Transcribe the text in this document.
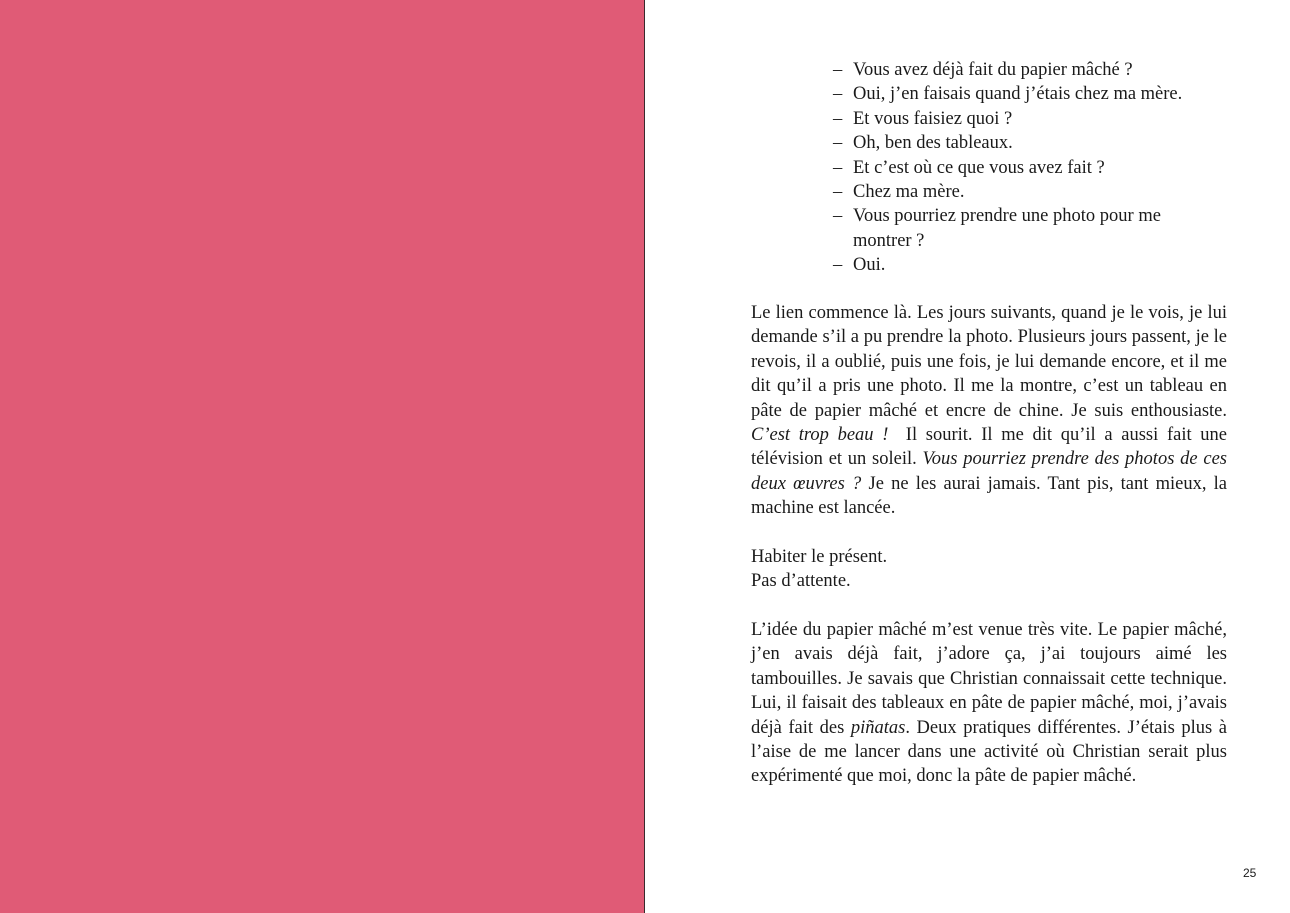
– Vous avez déjà fait du papier mâché ?
– Oui, j’en faisais quand j’étais chez ma mère.
– Et vous faisiez quoi ?
– Oh, ben des tableaux.
– Et c’est où ce que vous avez fait ?
– Chez ma mère.
– Vous pourriez prendre une photo pour me montrer ?
– Oui.

Le lien commence là. Les jours suivants, quand je le vois, je lui demande s’il a pu prendre la photo. Plusieurs jours passent, je le revois, il a oublié, puis une fois, je lui demande encore, et il me dit qu’il a pris une photo. Il me la montre, c’est un tableau en pâte de papier mâché et encre de chine. Je suis enthousiaste. C’est trop beau !  Il sourit. Il me dit qu’il a aussi fait une télévision et un soleil. Vous pourriez prendre des photos de ces deux œuvres ? Je ne les aurai jamais. Tant pis, tant mieux, la machine est lancée.

Habiter le présent.
Pas d’attente.

L’idée du papier mâché m’est venue très vite. Le papier mâché, j’en avais déjà fait, j’adore ça, j’ai toujours aimé les tambouilles. Je savais que Christian connaissait cette technique. Lui, il faisait des tableaux en pâte de papier mâché, moi, j’avais déjà fait des piñatas. Deux pratiques différentes. J’étais plus à l’aise de me lancer dans une activité où Christian serait plus expérimenté que moi, donc la pâte de papier mâché.

25
